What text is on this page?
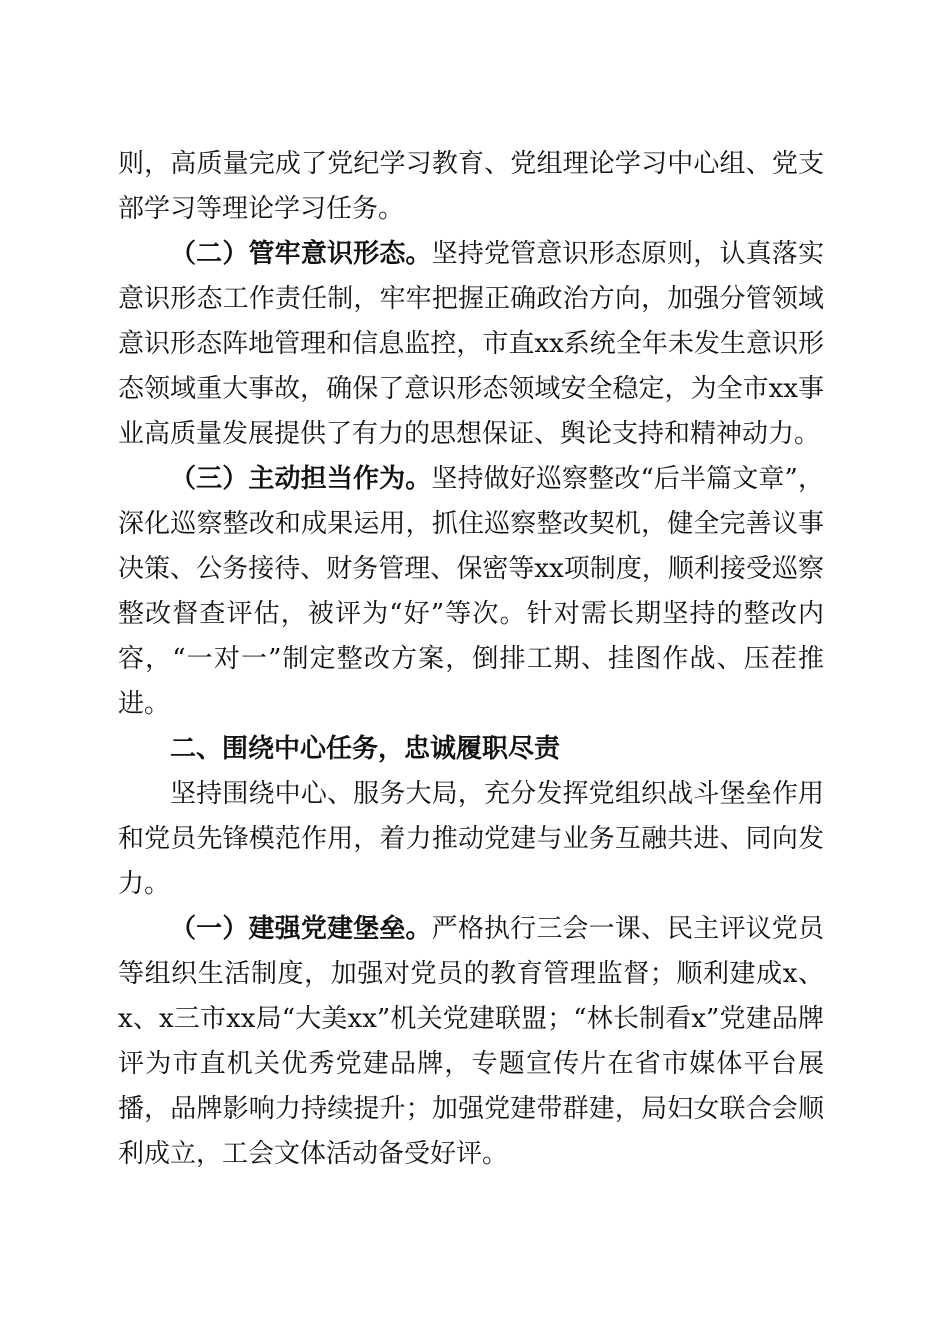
则，高质量完成了党纪学习教育、党组理论学习中心组、党支部学习等理论学习任务。

（二）管牢意识形态。坚持党管意识形态原则，认真落实意识形态工作责任制，牢牢把握正确政治方向，加强分管领域意识形态阵地管理和信息监控，市直xx系统全年未发生意识形态领域重大事故，确保了意识形态领域安全稳定，为全市xx事业高质量发展提供了有力的思想保证、舆论支持和精神动力。

（三）主动担当作为。坚持做好巡察整改“后半篇文章”，深化巡察整改和成果运用，抓住巡察整改契机，健全完善议事决策、公务接待、财务管理、保密等xx项制度，顺利接受巡察整改督查评估，被评为“好”等次。针对需长期坚持的整改内容，“一对一”制定整改方案，倒排工期、挂图作战、压茬推进。

二、围绕中心任务，忠诚履职尽责

坚持围绕中心、服务大局，充分发挥党组织战斗堡垒作用和党员先锋模范作用，着力推动党建与业务互融共进、同向发力。

（一）建强党建堡垒。严格执行三会一课、民主评议党员等组织生活制度，加强对党员的教育管理监督；顺利建成x、x、x三市xx局“大美xx”机关党建联盟；“林长制看x”党建品牌评为市直机关优秀党建品牌，专题宣传片在省市媒体平台展播，品牌影响力持续提升；加强党建带群建，局妇女联合会顺利成立，工会文体活动备受好评。
